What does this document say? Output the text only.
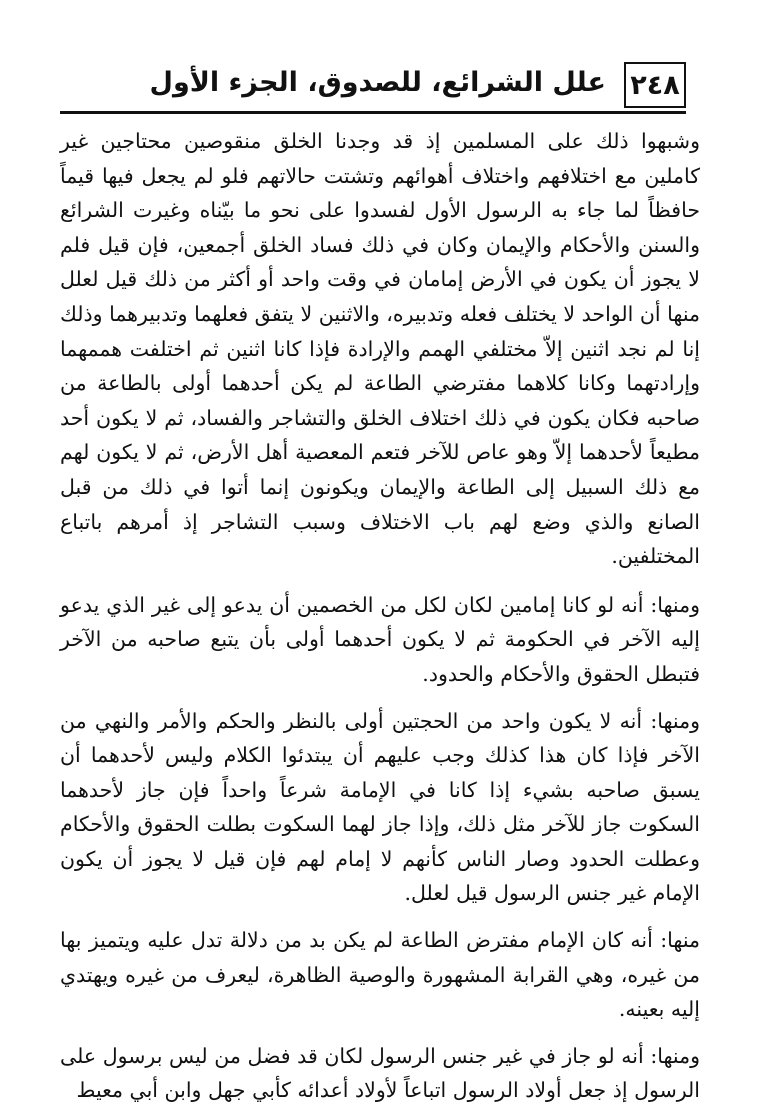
٢٤٨
علل الشرائع، للصدوق، الجزء الأول

وشبهوا ذلك على المسلمين إذ قد وجدنا الخلق منقوصين محتاجين غير كاملين مع اختلافهم واختلاف أهوائهم وتشتت حالاتهم فلو لم يجعل فيها قيماً حافظاً لما جاء به الرسول الأول لفسدوا على نحو ما بيّناه وغيرت الشرائع والسنن والأحكام والإيمان وكان في ذلك فساد الخلق أجمعين، فإن قيل فلم لا يجوز أن يكون في الأرض إمامان في وقت واحد أو أكثر من ذلك قيل لعلل منها أن الواحد لا يختلف فعله وتدبيره، والاثنين لا يتفق فعلهما وتدبيرهما وذلك إنا لم نجد اثنين إلاّ مختلفي الهمم والإرادة فإذا كانا اثنين ثم اختلفت هممهما وإرادتهما وكانا كلاهما مفترضي الطاعة لم يكن أحدهما أولى بالطاعة من صاحبه فكان يكون في ذلك اختلاف الخلق والتشاجر والفساد، ثم لا يكون أحد مطيعاً لأحدهما إلاّ وهو عاص للآخر فتعم المعصية أهل الأرض، ثم لا يكون لهم مع ذلك السبيل إلى الطاعة والإيمان ويكونون إنما أتوا في ذلك من قبل الصانع والذي وضع لهم باب الاختلاف وسبب التشاجر إذ أمرهم باتباع المختلفين.

ومنها: أنه لو كانا إمامين لكان لكل من الخصمين أن يدعو إلى غير الذي يدعو إليه الآخر في الحكومة ثم لا يكون أحدهما أولى بأن يتبع صاحبه من الآخر فتبطل الحقوق والأحكام والحدود.

ومنها: أنه لا يكون واحد من الحجتين أولى بالنظر والحكم والأمر والنهي من الآخر فإذا كان هذا كذلك وجب عليهم أن يبتدئوا الكلام وليس لأحدهما أن يسبق صاحبه بشيء إذا كانا في الإمامة شرعاً واحداً فإن جاز لأحدهما السكوت جاز للآخر مثل ذلك، وإذا جاز لهما السكوت بطلت الحقوق والأحكام وعطلت الحدود وصار الناس كأنهم لا إمام لهم فإن قيل لا يجوز أن يكون الإمام غير جنس الرسول قيل لعلل.

منها: أنه كان الإمام مفترض الطاعة لم يكن بد من دلالة تدل عليه ويتميز بها من غيره، وهي القرابة المشهورة والوصية الظاهرة، ليعرف من غيره ويهتدي إليه بعينه.

ومنها: أنه لو جاز في غير جنس الرسول لكان قد فضل من ليس برسول على الرسول إذ جعل أولاد الرسول اتباعاً لأولاد أعدائه كأبي جهل وابن أبي معيط
